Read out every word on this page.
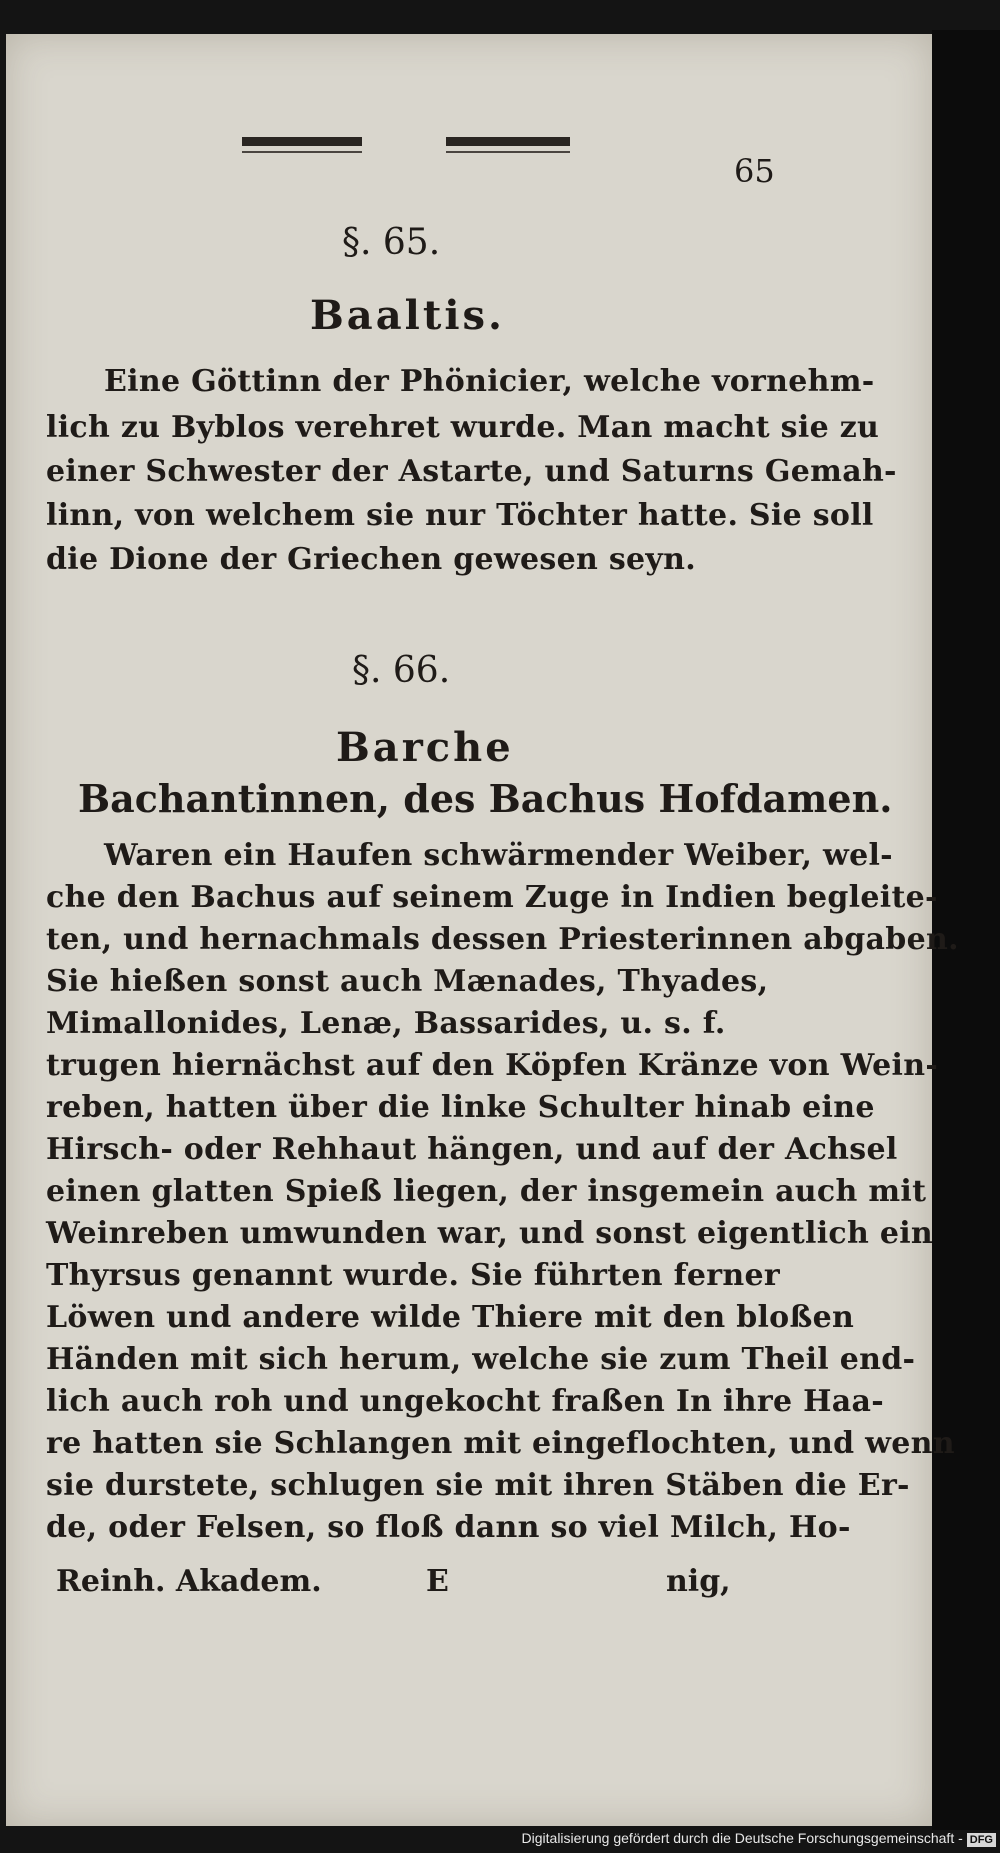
65
§. 65.
Baaltis.
Eine Göttinn der Phönicier, welche vornehm-
lich zu Byblos verehret wurde. Man macht sie zu
einer Schwester der Astarte, und Saturns Gemah-
linn, von welchem sie nur Töchter hatte. Sie soll
die Dione der Griechen gewesen seyn.
§. 66.
Barche
Bachantinnen, des Bachus Hofdamen.
Waren ein Haufen schwärmender Weiber, wel-
che den Bachus auf seinem Zuge in Indien begleite-
ten, und hernachmals dessen Priesterinnen abgaben.
Sie hießen sonst auch Mænades, Thyades,
Mimallonides, Lenæ, Bassarides, u. s. f.
trugen hiernächst auf den Köpfen Kränze von Wein-
reben, hatten über die linke Schulter hinab eine
Hirsch- oder Rehhaut hängen, und auf der Achsel
einen glatten Spieß liegen, der insgemein auch mit
Weinreben umwunden war, und sonst eigentlich ein
Thyrsus genannt wurde. Sie führten ferner
Löwen und andere wilde Thiere mit den bloßen
Händen mit sich herum, welche sie zum Theil end-
lich auch roh und ungekocht fraßen In ihre Haa-
re hatten sie Schlangen mit eingeflochten, und wenn
sie durstete, schlugen sie mit ihren Stäben die Er-
de, oder Felsen, so floß dann so viel Milch, Ho-
Reinh. Akadem.	E	nig,
Digitalisierung gefördert durch die Deutsche Forschungsgemeinschaft - DFG
